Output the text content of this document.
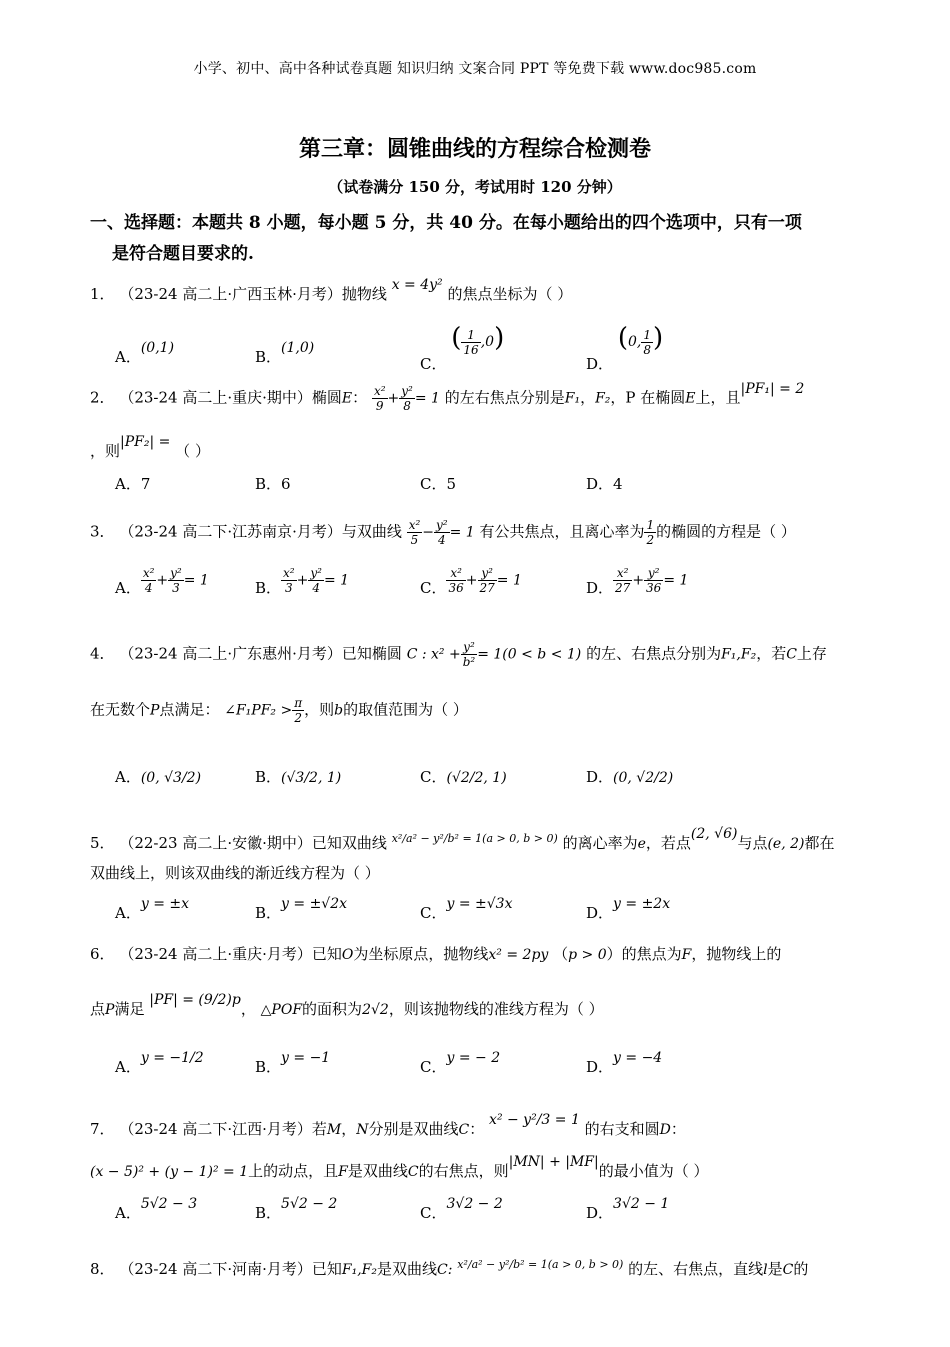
小学、初中、高中各种试卷真题 知识归纳 文案合同 PPT 等免费下载 www.doc985.com
第三章：圆锥曲线的方程综合检测卷
（试卷满分 150 分，考试用时 120 分钟）
一、选择题：本题共 8 小题，每小题 5 分，共 40 分。在每小题给出的四个选项中，只有一项
是符合题目要求的.
1． （23-24 高二上·广西玉林·月考）抛物线 x = 4y² 的焦点坐标为（ ）
A．(0,1)	B．(1,0)
C． ( $\frac{1}{16} ,0$)
D． (0, $\frac{1}{8}$ )
2． （23-24 高二上·重庆·期中）椭圆E： $\frac{\text{x²}}{9} + \frac{\text{y²}}{8} = 1$ 的左右焦点分别是F₁，F₂，P 在椭圆E上，且|PF₁| = 2
，则|PF₂| = （ ）
A．7	B．6	C．5	D．4
3． （23-24 高二下·江苏南京·月考）与双曲线 $\frac{\text{x²}}{5} - \frac{\text{y²}}{4} = 1$ 有公共焦点，且离心率为 $\frac{1}{2}$ 的椭圆的方程是（ ）
A． $\frac{\text{x²}}{4} + \frac{\text{y²}}{3} = 1$	B． $\frac{\text{x²}}{3} + \frac{\text{y²}}{4} = 1$	C． $\frac{\text{x²}}{36} + \frac{\text{y²}}{27} = 1$	D． $\frac{\text{x²}}{27} + \frac{\text{y²}}{36} = 1$
4． （23-24 高二上·广东惠州·月考）已知椭圆 C : $x^2 + \frac{\text{y²}}{\text{b²}} = 1(0 < b < 1)$ 的左、右焦点分别为F₁,F₂，若C上存
在无数个P点满足： ∠F₁PF₂ > $\frac{\pi}{2}$ ，则b的取值范围为（ ）
A．(0, √3/2)	B．(√3/2, 1)	C．(√2/2, 1)	D．(0, √2/2)
5． （22-23 高二上·安徽·期中）已知双曲线 $^{x^2/a^2 - y^2/b^2 = 1(a > 0, b > 0)}$ 的离心率为e，若点(2, √6)与点(e, 2)都在
双曲线上，则该双曲线的渐近线方程为（ ）
A．y = ±x	B．y = ±√2x	C．y = ±√3x	D．y = ±2x
6． （23-24 高二上·重庆·月考）已知O为坐标原点，抛物线x² = 2py （p > 0）的焦点为F，抛物线上的
点P满足 |PF| = (9/2)p， △POF的面积为2√2，则该抛物线的准线方程为（ ）
A．y = −1/2	B．y = −1	C．y = − 2	D．y = −4
7． （23-24 高二下·江西·月考）若M，N分别是双曲线C： x² − y²/3 = 1 的右支和圆D：
(x − 5)² + (y − 1)² = 1上的动点，且F是双曲线C的右焦点，则|MN| + |MF|的最小值为（ ）
A．5√2 − 3	B．5√2 − 2	C．3√2 − 2	D．3√2 − 1
8． （23-24 高二下·河南·月考）已知F₁,F₂是双曲线C: $^{x^2/a^2 - y^2/b^2 = 1(a > 0, b > 0)}$ 的左、右焦点，直线l是C的
